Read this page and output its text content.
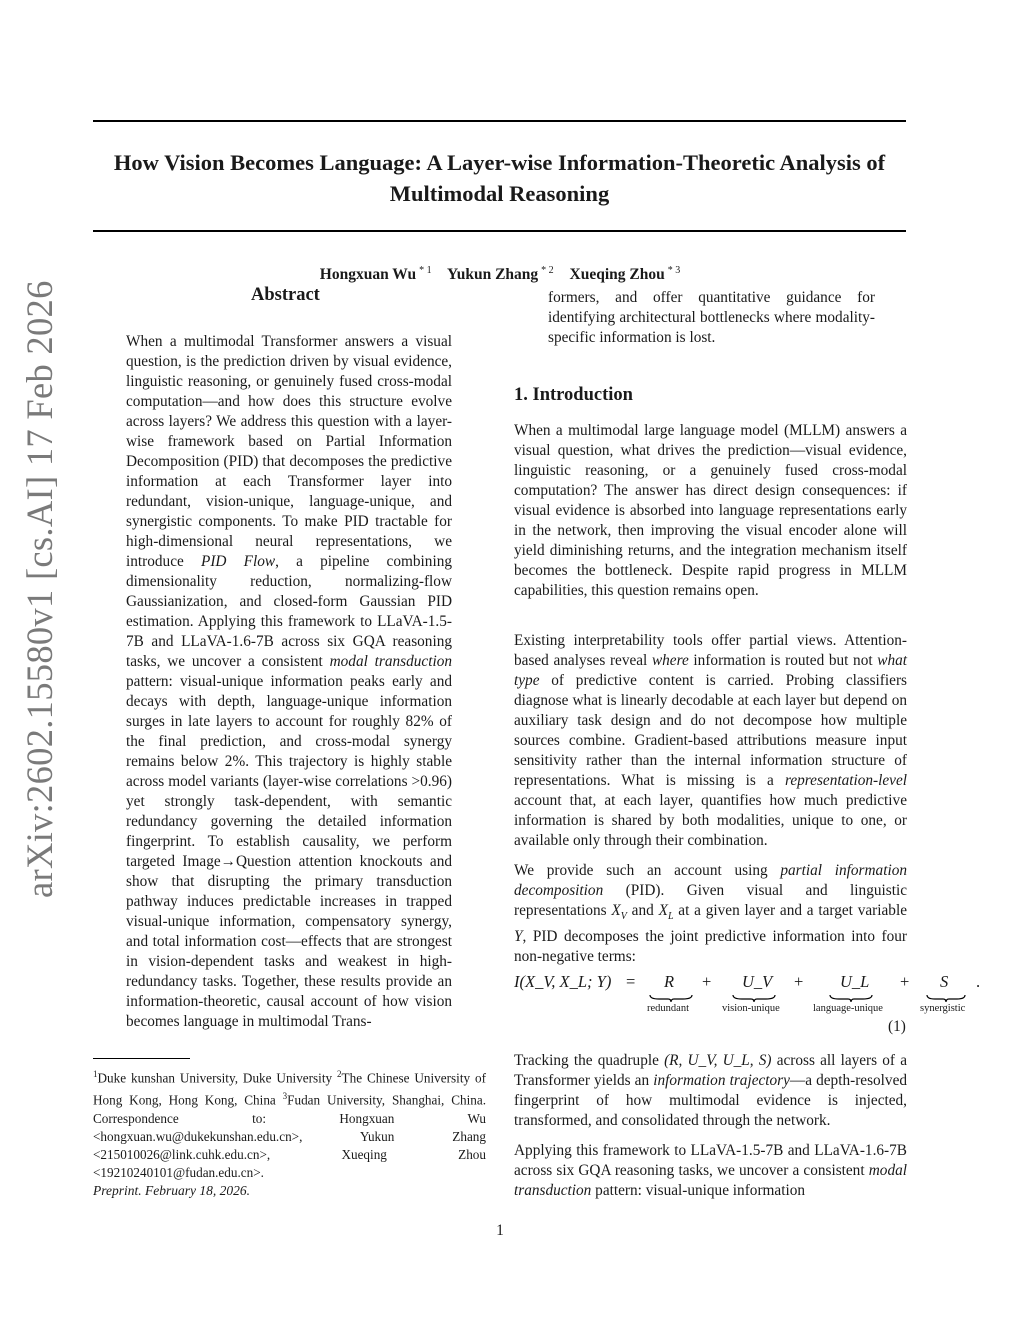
How Vision Becomes Language: A Layer-wise Information-Theoretic Analysis of Multimodal Reasoning
arXiv:2602.15580v1 [cs.AI] 17 Feb 2026
Hongxuan Wu $^{* 1}$ Yukun Zhang $^{* 2}$ Xueqing Zhou $^{* 3}$
Abstract

When a multimodal Transformer answers a visual question, is the prediction driven by visual evidence, linguistic reasoning, or genuinely fused cross-modal computation—and how does this structure evolve across layers? We address this question with a layer-wise framework based on Partial Information Decomposition (PID) that decomposes the predictive information at each Transformer layer into redundant, vision-unique, language-unique, and synergistic components. To make PID tractable for high-dimensional neural representations, we introduce PID Flow, a pipeline combining dimensionality reduction, normalizing-flow Gaussianization, and closed-form Gaussian PID estimation. Applying this framework to LLaVA-1.5-7B and LLaVA-1.6-7B across six GQA reasoning tasks, we uncover a consistent modal transduction pattern: visual-unique information peaks early and decays with depth, language-unique information surges in late layers to account for roughly 82% of the final prediction, and cross-modal synergy remains below 2%. This trajectory is highly stable across model variants (layer-wise correlations >0.96) yet strongly task-dependent, with semantic redundancy governing the detailed information fingerprint. To establish causality, we perform targeted Image→Question attention knockouts and show that disrupting the primary transduction pathway induces predictable increases in trapped visual-unique information, compensatory synergy, and total information cost—effects that are strongest in vision-dependent tasks and weakest in high-redundancy tasks. Together, these results provide an information-theoretic, causal account of how vision becomes language in multimodal Trans-

formers, and offer quantitative guidance for identifying architectural bottlenecks where modality-specific information is lost.

1. Introduction

When a multimodal large language model (MLLM) answers a visual question, what drives the prediction—visual evidence, linguistic reasoning, or a genuinely fused cross-modal computation? The answer has direct design consequences: if visual evidence is absorbed into language representations early in the network, then improving the visual encoder alone will yield diminishing returns, and the integration mechanism itself becomes the bottleneck. Despite rapid progress in MLLM capabilities, this question remains open.

Existing interpretability tools offer partial views. Attention-based analyses reveal where information is routed but not what type of predictive content is carried. Probing classifiers diagnose what is linearly decodable at each layer but depend on auxiliary task design and do not decompose how multiple sources combine. Gradient-based attributions measure input sensitivity rather than the internal information structure of representations. What is missing is a representation-level account that, at each layer, quantifies how much predictive information is shared by both modalities, unique to one, or available only through their combination.

We provide such an account using partial information decomposition (PID). Given visual and linguistic representations $X_V$ and $X_L$ at a given layer and a target variable Y, PID decomposes the joint predictive information into four non-negative terms:

I(X_V, X_L; Y) = R
redundant
+ U_V
vision-unique
+ U_L
language-unique
+ S
synergistic
.
(1)

Tracking the quadruple (R, U_V, U_L, S) across all layers of a Transformer yields an information trajectory—a depth-resolved fingerprint of how multimodal evidence is injected, transformed, and consolidated through the network.

Applying this framework to LLaVA-1.5-7B and LLaVA-1.6-7B across six GQA reasoning tasks, we uncover a consistent modal transduction pattern: visual-unique information

$^1$Duke kunshan University, Duke University $^2$The Chinese University of Hong Kong, Hong Kong, China $^3$Fudan University, Shanghai, China. Correspondence to: Hongxuan Wu <hongxuan.wu@dukekunshan.edu.cn>, Yukun Zhang <215010026@link.cuhk.edu.cn>, Xueqing Zhou <19210240101@fudan.edu.cn>.
Preprint. February 18, 2026.
1
